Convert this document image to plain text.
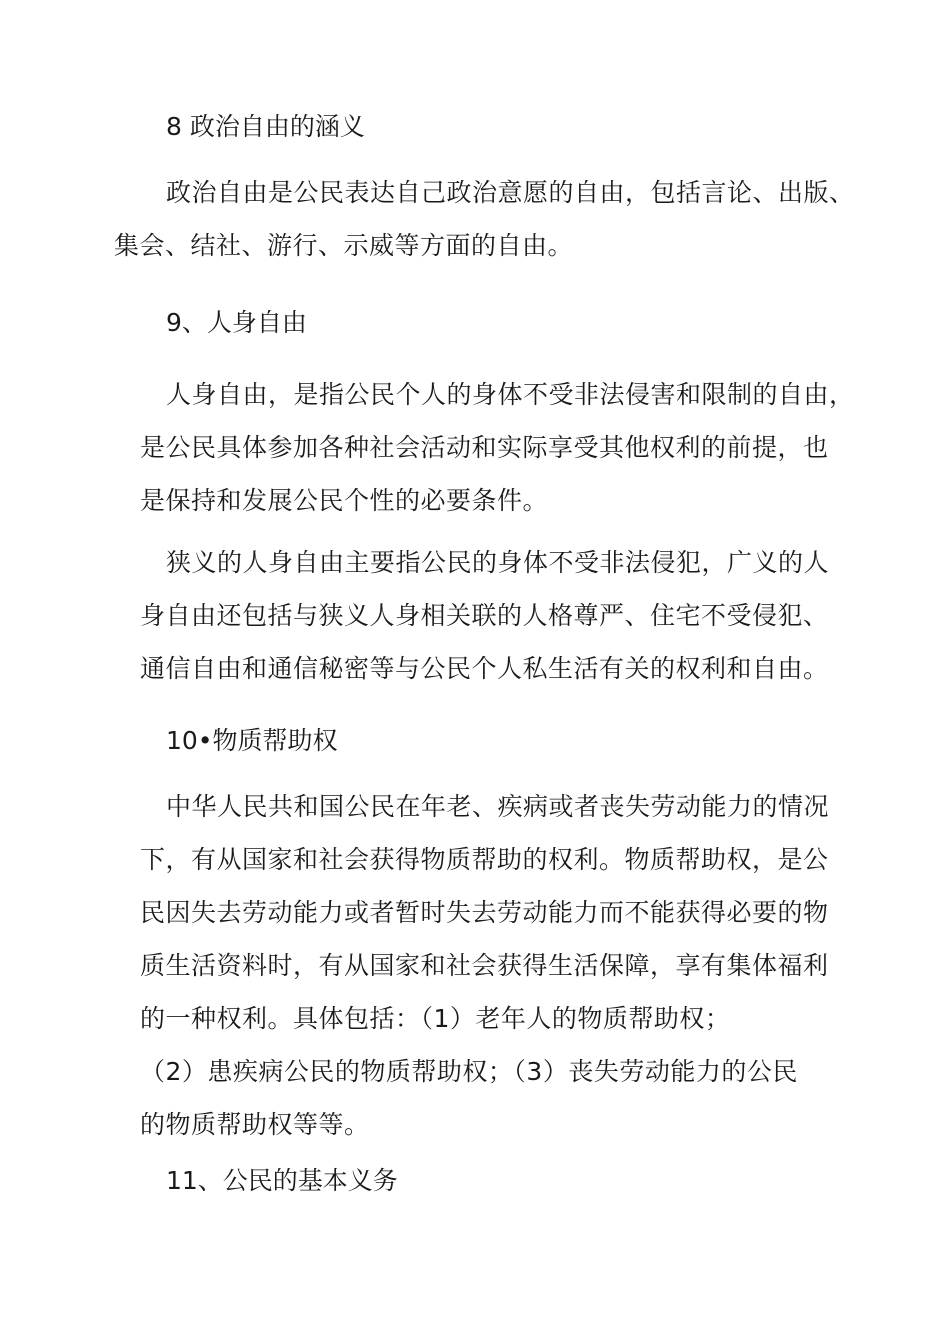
8 政治自由的涵义
政治自由是公民表达自己政治意愿的自由，包括言论、出版、
集会、结社、游行、示威等方面的自由。
9、人身自由
人身自由，是指公民个人的身体不受非法侵害和限制的自由，
是公民具体参加各种社会活动和实际享受其他权利的前提，也
是保持和发展公民个性的必要条件。
狭义的人身自由主要指公民的身体不受非法侵犯，广义的人
身自由还包括与狭义人身相关联的人格尊严、住宅不受侵犯、
通信自由和通信秘密等与公民个人私生活有关的权利和自由。
10•物质帮助权
中华人民共和国公民在年老、疾病或者丧失劳动能力的情况
下，有从国家和社会获得物质帮助的权利。物质帮助权，是公
民因失去劳动能力或者暂时失去劳动能力而不能获得必要的物
质生活资料时，有从国家和社会获得生活保障，享有集体福利
的一种权利。具体包括：（1）老年人的物质帮助权；
（2）患疾病公民的物质帮助权；（3）丧失劳动能力的公民
的物质帮助权等等。
11、公民的基本义务
